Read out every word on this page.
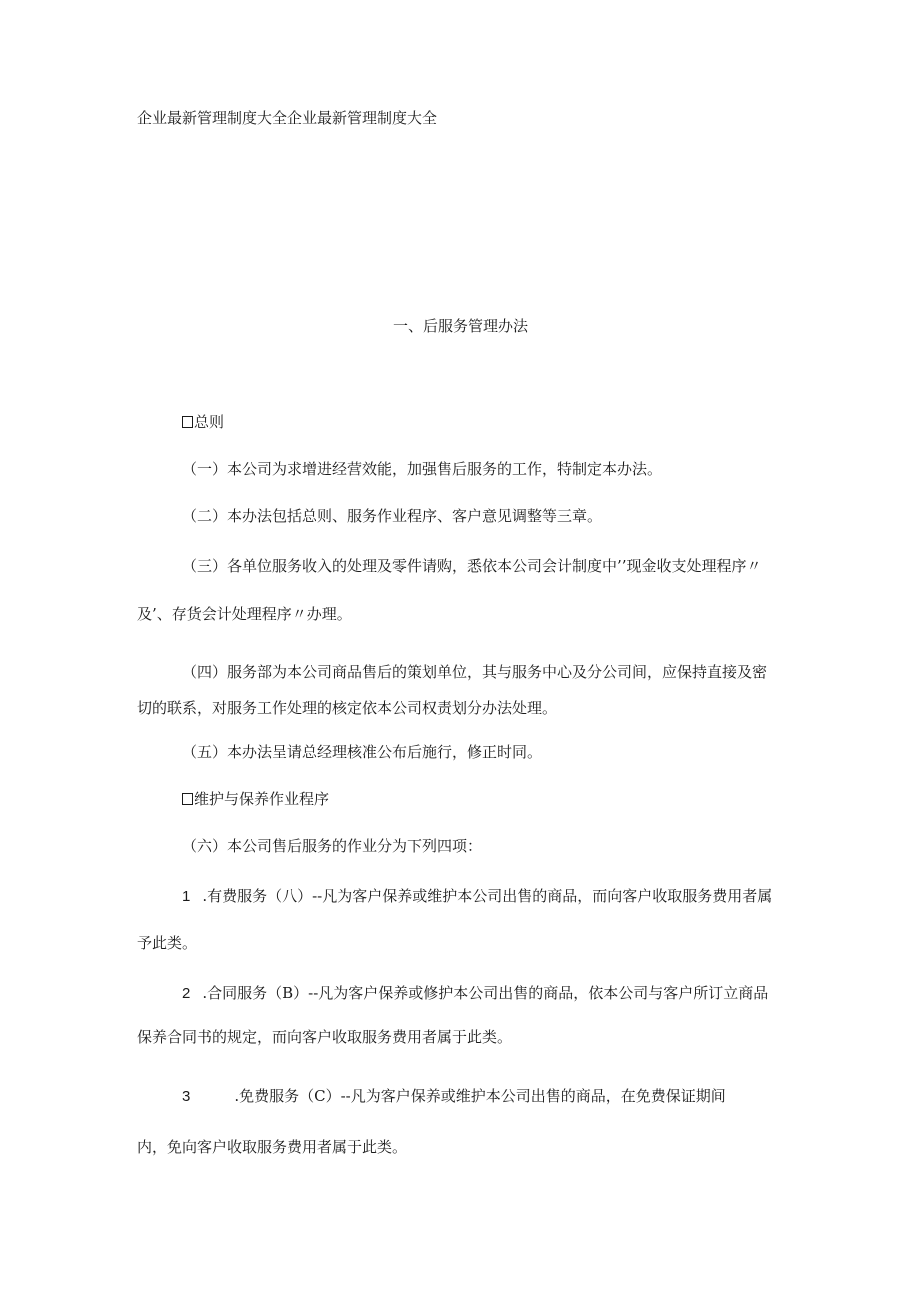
企业最新管理制度大全企业最新管理制度大全
一、后服务管理办法
总则
（一）本公司为求增进经营效能，加强售后服务的工作，特制定本办法。
（二）本办法包括总则、服务作业程序、客户意见调整等三章。
（三）各单位服务收入的处理及零件请购，悉依本公司会计制度中’’现金收支处理程序〃
及’、存货会计处理程序〃办理。
（四）服务部为本公司商品售后的策划单位，其与服务中心及分公司间，应保持直接及密
切的联系，对服务工作处理的核定依本公司权责划分办法处理。
（五）本办法呈请总经理核准公布后施行，修正时同。
维护与保养作业程序
（六）本公司售后服务的作业分为下列四项：
1 .有费服务（八）--凡为客户保养或维护本公司出售的商品，而向客户收取服务费用者属
予此类。
2 .合同服务（B）--凡为客户保养或修护本公司出售的商品，依本公司与客户所订立商品
保养合同书的规定，而向客户收取服务费用者属于此类。
3	.免费服务（C）--凡为客户保养或维护本公司出售的商品，在免费保证期间
内，免向客户收取服务费用者属于此类。
